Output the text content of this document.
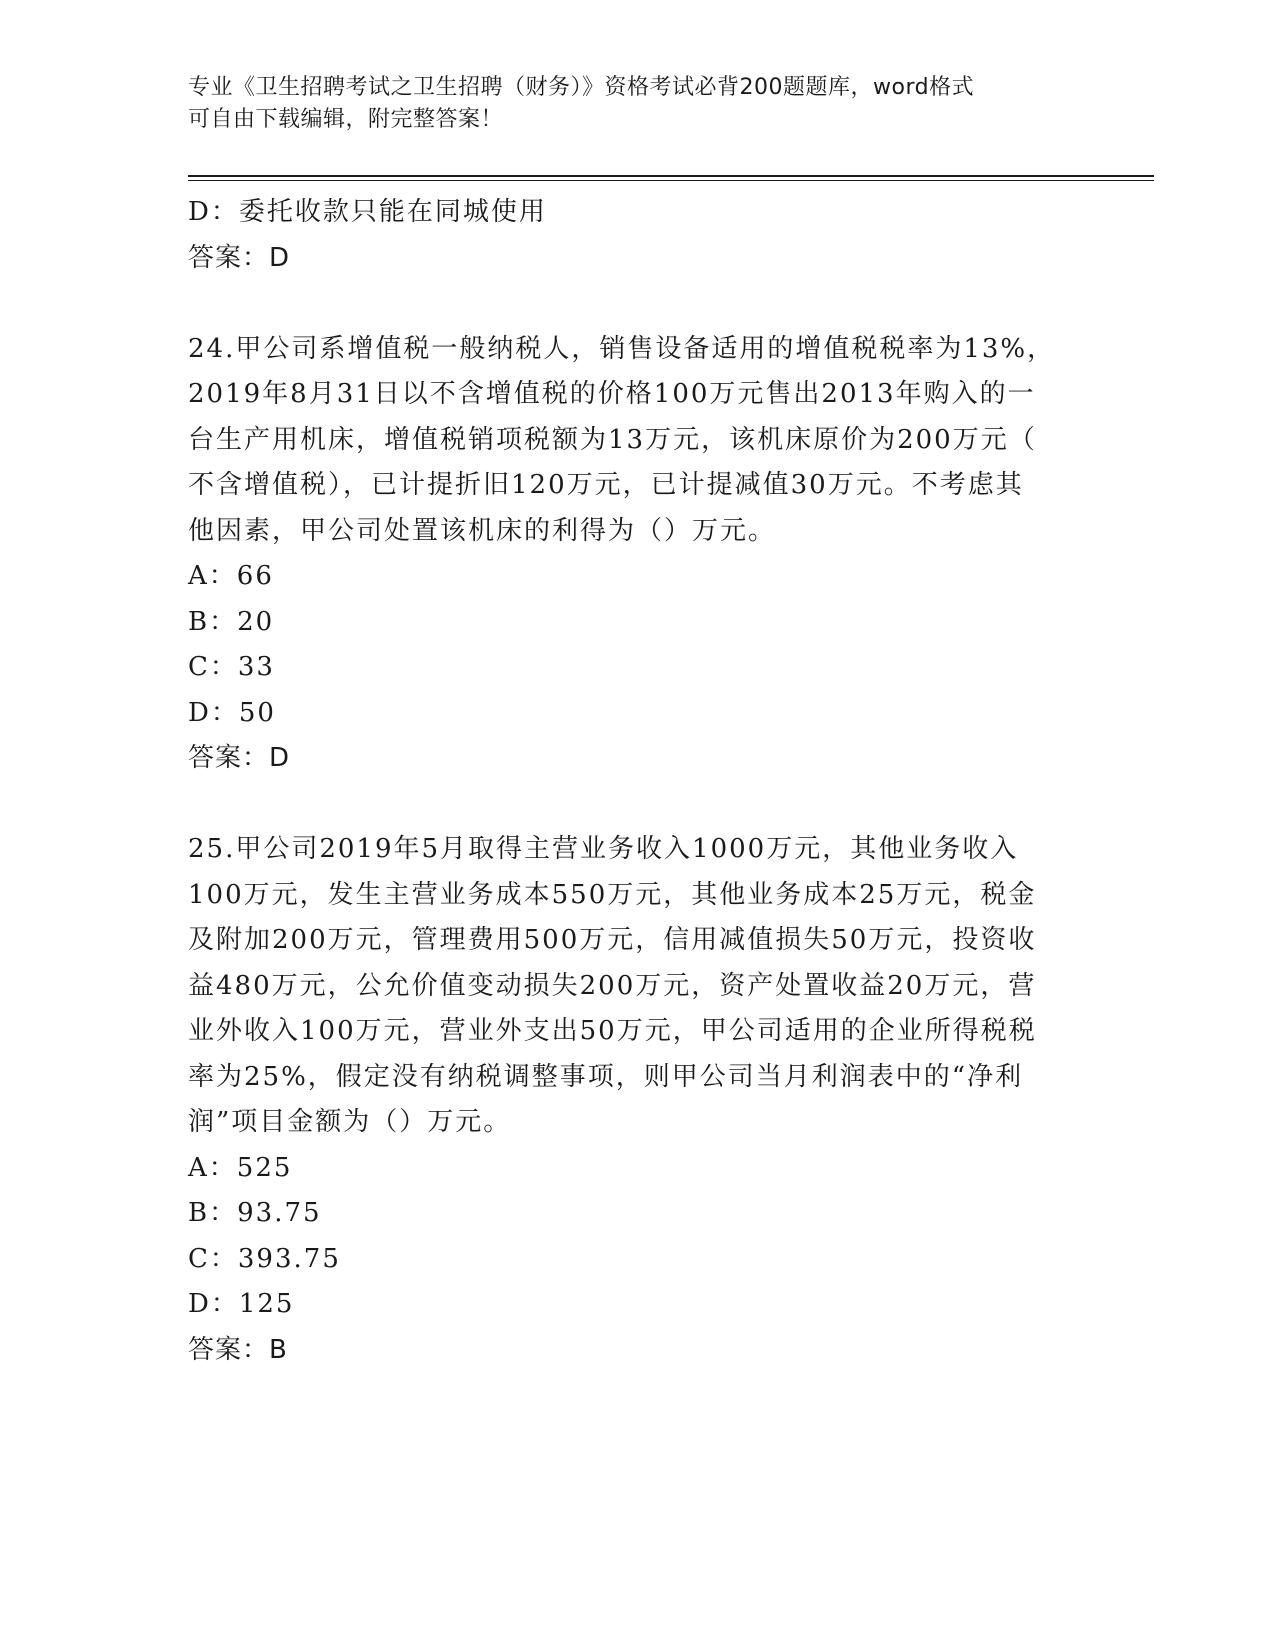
专业《卫生招聘考试之卫生招聘（财务）》资格考试必背200题题库，word格式
可自由下载编辑，附完整答案！
D：委托收款只能在同城使用
答案：D
24.甲公司系增值税一般纳税人，销售设备适用的增值税税率为13%，
2019年8月31日以不含增值税的价格100万元售出2013年购入的一
台生产用机床，增值税销项税额为13万元，该机床原价为200万元（
不含增值税），已计提折旧120万元，已计提减值30万元。不考虑其
他因素，甲公司处置该机床的利得为（）万元。
A：66
B：20
C：33
D：50
答案：D
25.甲公司2019年5月取得主营业务收入1000万元，其他业务收入
100万元，发生主营业务成本550万元，其他业务成本25万元，税金
及附加200万元，管理费用500万元，信用减值损失50万元，投资收
益480万元，公允价值变动损失200万元，资产处置收益20万元，营
业外收入100万元，营业外支出50万元，甲公司适用的企业所得税税
率为25%，假定没有纳税调整事项，则甲公司当月利润表中的“净利
润”项目金额为（）万元。
A：525
B：93.75
C：393.75
D：125
答案：B
